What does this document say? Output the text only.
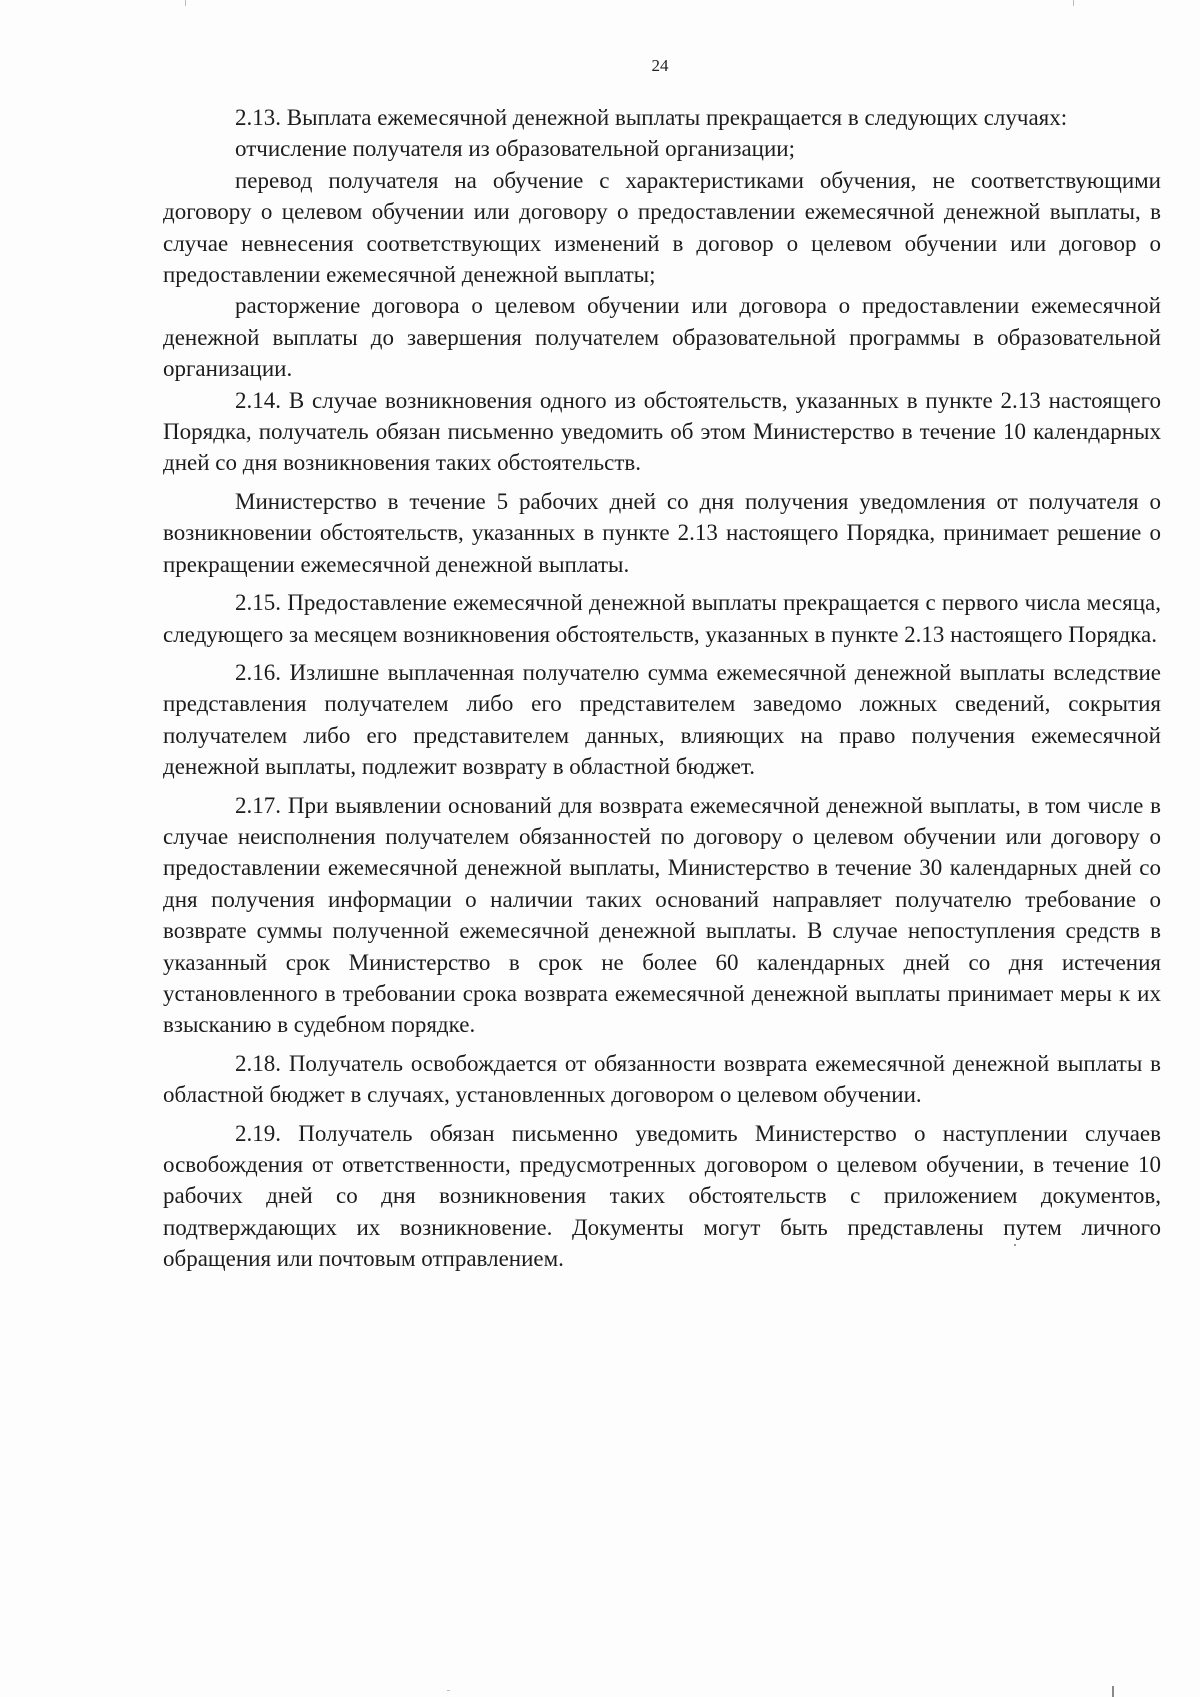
24

2.13. Выплата ежемесячной денежной выплаты прекращается в следующих случаях:

отчисление получателя из образовательной организации;

перевод получателя на обучение с характеристиками обучения, не соответствующими договору о целевом обучении или договору о предоставлении ежемесячной денежной выплаты, в случае невнесения соответствующих изменений в договор о целевом обучении или договор о предоставлении ежемесячной денежной выплаты;

расторжение договора о целевом обучении или договора о предоставлении ежемесячной денежной выплаты до завершения получателем образовательной программы в образовательной организации.

2.14. В случае возникновения одного из обстоятельств, указанных в пункте 2.13 настоящего Порядка, получатель обязан письменно уведомить об этом Министерство в течение 10 календарных дней со дня возникновения таких обстоятельств.

Министерство в течение 5 рабочих дней со дня получения уведомления от получателя о возникновении обстоятельств, указанных в пункте 2.13 настоящего Порядка, принимает решение о прекращении ежемесячной денежной выплаты.

2.15. Предоставление ежемесячной денежной выплаты прекращается с первого числа месяца, следующего за месяцем возникновения обстоятельств, указанных в пункте 2.13 настоящего Порядка.

2.16. Излишне выплаченная получателю сумма ежемесячной денежной выплаты вследствие представления получателем либо его представителем заведомо ложных сведений, сокрытия получателем либо его представителем данных, влияющих на право получения ежемесячной денежной выплаты, подлежит возврату в областной бюджет.

2.17. При выявлении оснований для возврата ежемесячной денежной выплаты, в том числе в случае неисполнения получателем обязанностей по договору о целевом обучении или договору о предоставлении ежемесячной денежной выплаты, Министерство в течение 30 календарных дней со дня получения информации о наличии таких оснований направляет получателю требование о возврате суммы полученной ежемесячной денежной выплаты. В случае непоступления средств в указанный срок Министерство в срок не более 60 календарных дней со дня истечения установленного в требовании срока возврата ежемесячной денежной выплаты принимает меры к их взысканию в судебном порядке.

2.18. Получатель освобождается от обязанности возврата ежемесячной денежной выплаты в областной бюджет в случаях, установленных договором о целевом обучении.

2.19. Получатель обязан письменно уведомить Министерство о наступлении случаев освобождения от ответственности, предусмотренных договором о целевом обучении, в течение 10 рабочих дней со дня возникновения таких обстоятельств с приложением документов, подтверждающих их возникновение. Документы могут быть представлены путем личного обращения или почтовым отправлением.
